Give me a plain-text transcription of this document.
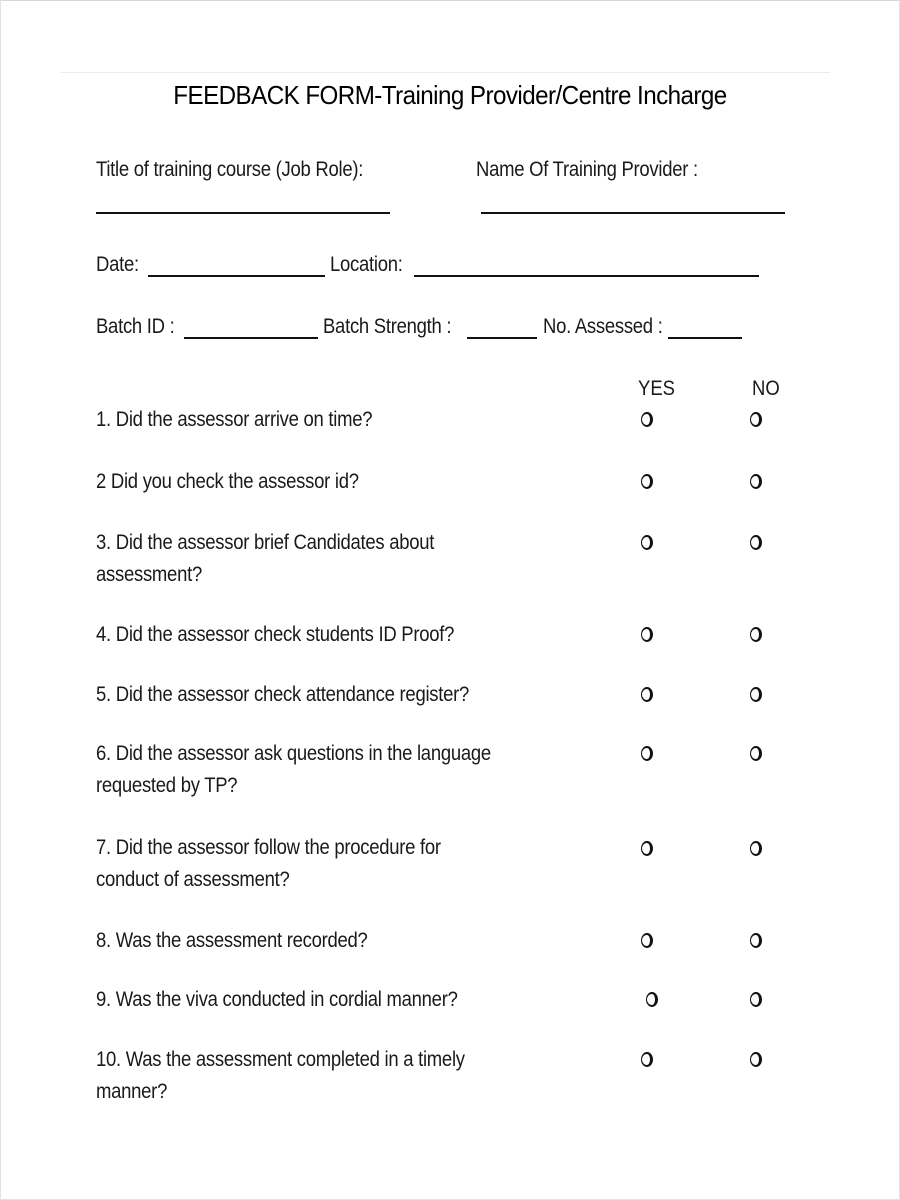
FEEDBACK FORM-Training Provider/Centre Incharge
Title of training course (Job Role):	Name Of Training Provider :
Date:	Location:
Batch ID :	Batch Strength :	No. Assessed :
YES	NO
1. Did the assessor arrive on time?
2 Did you check the assessor id?
3. Did the assessor brief Candidates about
assessment?
4. Did the assessor check students ID Proof?
5. Did the assessor check attendance register?
6. Did the assessor ask questions in the language
requested by TP?
7. Did the assessor follow the procedure for
conduct of assessment?
8. Was the assessment recorded?
9. Was the viva conducted in cordial manner?
10. Was the assessment completed in a timely
manner?
